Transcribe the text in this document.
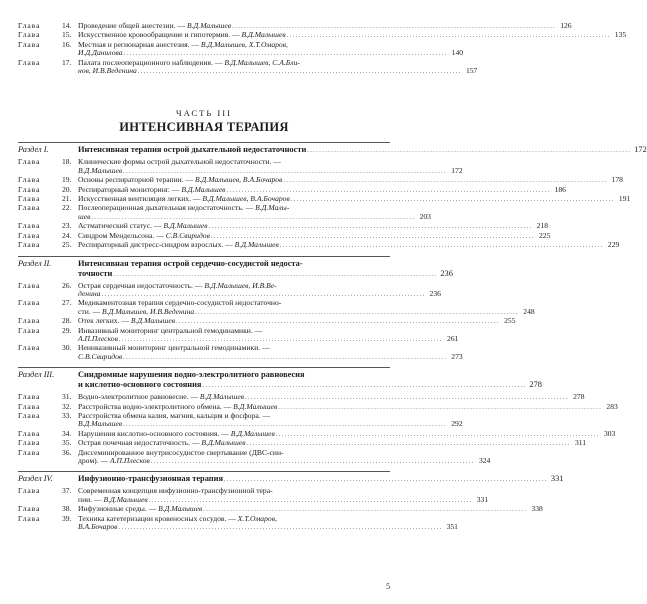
Глава	14. Проведение общей анестезии. — В.Д.Малышев . . .	126
Глава	15. Искусственное кровообращение и гипотермия. — В.Д.Малышев . . .	135
Глава	16. Местная и регионарная анестезия. — В.Д.Малышев, Х.Т.Омаров,
И.Д.Данилова . . .	140
Глава	17. Палата послеоперационного наблюдения. — В.Д.Малышев, С.А.Бли-
нов, И.В.Веденина . . .	157
ЧАСТЬ III
ИНТЕНСИВНАЯ ТЕРАПИЯ
Раздел I.	Интенсивная терапия острой дыхательной недостаточности . . .	172
Глава	18. Клинические формы острой дыхательной недостаточности. —
В.Д.Малышев . . .	172
Глава	19. Основы респираторной терапии. — В.Д.Малышев, В.А.Бочаров . . .	178
Глава	20. Респираторный мониторинг. — В.Д.Малышев . . .	186
Глава	21. Искусственная вентиляция легких. — В.Д.Малышев, В.А.Бочаров . . .	191
Глава	22. Послеоперационная дыхательная недостаточность. — В.Д.Малы-
шев . . .	203
Глава	23. Астматический статус. — В.Д.Малышев . . .	218
Глава	24. Синдром Мендельсона. — С.В.Свиридов . . .	225
Глава	25. Респираторный дистресс-синдром взрослых. — В.Д.Малышев . . .	229
Раздел II.	Интенсивная терапия острой сердечно-сосудистой недоста-
точности . . .	236
Глава	26. Острая сердечная недостаточность. — В.Д.Малышев, И.В.Ве-
денина . . .	236
Глава	27. Медикаментозная терапия сердечно-сосудистой недостаточно-
сти. — В.Д.Малышев, И.В.Веденина . . .	248
Глава	28. Отек легких. — В.Д.Малышев . . .	255
Глава	29. Инвазивный мониторинг центральной гемодинамики. —
А.П.Плесков . . .	261
Глава	30. Неинвазивный мониторинг центральной гемодинамики. —
С.В.Свиридов . . .	273
Раздел III.	Синдромные нарушения водно-электролитного равновесия
и кислотно-основного состояния . . .	278
Глава	31. Водно-электролитное равновесие. — В.Д.Малышев . . .	278
Глава	32. Расстройства водно-электролитного обмена. — В.Д.Малышев . . .	283
Глава	33. Расстройства обмена калия, магния, кальция и фосфора. —
В.Д.Малышев . . .	292
Глава	34. Нарушения кислотно-основного состояния. — В.Д.Малышев . . .	303
Глава	35. Острая почечная недостаточность. — В.Д.Малышев . . .	311
Глава	36. Диссеминированное внутрисосудистое свертывание (ДВС-син-
дром). — А.П.Плесков . . .	324
Раздел IV.	Инфузионно-трансфузионная терапия . . .	331
Глава	37. Современная концепция инфузионно-трансфузионной тера-
пии. — В.Д.Малышев . . .	331
Глава	38. Инфузионные среды. — В.Д.Малышев . . .	338
Глава	39. Техника катетеризации кровеносных сосудов. — Х.Т.Омаров,
В.А.Бочаров . . .	351
5
